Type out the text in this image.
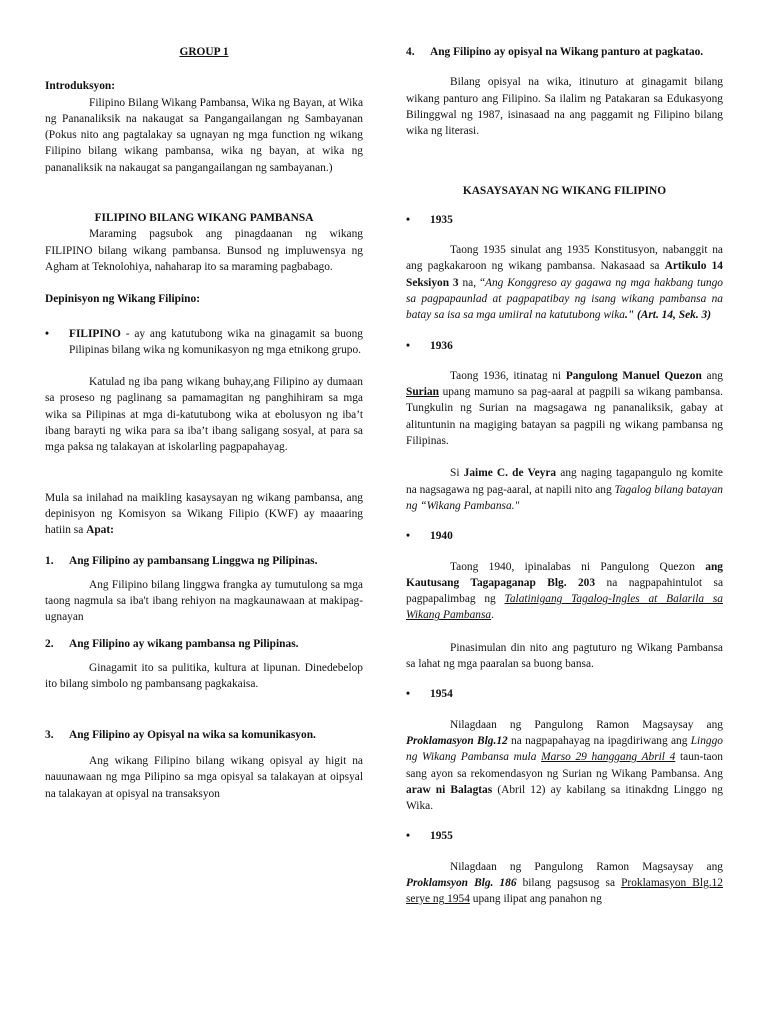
GROUP 1

Introduksyon:

Filipino Bilang Wikang Pambansa, Wika ng Bayan, at Wika ng Pananaliksik na nakaugat sa Pangangailangan ng Sambayanan (Pokus nito ang pagtalakay sa ugnayan ng mga function ng wikang Filipino bilang wikang pambansa, wika ng bayan, at wika ng pananaliksik na nakaugat sa pangangailangan ng sambayanan.)

FILIPINO BILANG WIKANG PAMBANSA

Maraming pagsubok ang pinagdaanan ng wikang FILIPINO bilang wikang pambansa. Bunsod ng impluwensya ng Agham at Teknolohiya, nahaharap ito sa maraming pagbabago.

Depinisyon ng Wikang Filipino:

• FILIPINO - ay ang katutubong wika na ginagamit sa buong Pilipinas bilang wika ng komunikasyon ng mga etnikong grupo.

Katulad ng iba pang wikang buhay,ang Filipino ay dumaan sa proseso ng paglinang sa pamamagitan ng panghihiram sa mga wika sa Pilipinas at mga di-katutubong wika at ebolusyon ng iba’t ibang barayti ng wika para sa iba’t ibang saligang sosyal, at para sa mga paksa ng talakayan at iskolarling pagpapahayag.

Mula sa inilahad na maikling kasaysayan ng wikang pambansa, ang depinisyon ng Komisyon sa Wikang Filipio (KWF) ay maaaring hatiin sa Apat:

1. Ang Filipino ay pambansang Linggwa ng Pilipinas.

Ang Filipino bilang linggwa frangka ay tumutulong sa mga taong nagmula sa iba't ibang rehiyon na magkaunawaan at makipag-ugnayan

2. Ang Filipino ay wikang pambansa ng Pilipinas.

Ginagamit ito sa pulitika, kultura at lipunan. Dinedebelop ito bilang simbolo ng pambansang pagkakaisa.

3. Ang Filipino ay Opisyal na wika sa komunikasyon.

Ang wikang Filipino bilang wikang opisyal ay higit na nauunawaan ng mga Pilipino sa mga opisyal sa talakayan at oipsyal na talakayan at opisyal na transaksyon

4. Ang Filipino ay opisyal na Wikang panturo at pagkatao.

Bilang opisyal na wika, itinuturo at ginagamit bilang wikang panturo ang Filipino. Sa ilalim ng Patakaran sa Edukasyong Bilinggwal ng 1987, isinasaad na ang paggamit ng Filipino bilang wika ng literasi.

KASAYSAYAN NG WIKANG FILIPINO

• 1935

Taong 1935 sinulat ang 1935 Konstitusyon, nabanggit na ang pagkakaroon ng wikang pambansa. Nakasaad sa Artikulo 14 Seksiyon 3 na, “Ang Konggreso ay gagawa ng mga hakbang tungo sa pagpapaunlad at pagpapatibay ng isang wikang pambansa na batay sa isa sa mga umiiral na katutubong wika." (Art. 14, Sek. 3)

• 1936

Taong 1936, itinatag ni Pangulong Manuel Quezon ang Surian upang mamuno sa pag-aaral at pagpili sa wikang pambansa. Tungkulin ng Surian na magsagawa ng pananaliksik, gabay at alituntunin na magiging batayan sa pagpili ng wikang pambansa ng Filipinas.

Si Jaime C. de Veyra ang naging tagapangulo ng komite na nagsagawa ng pag-aaral, at napili nito ang Tagalog bilang batayan ng “Wikang Pambansa."

• 1940

Taong 1940, ipinalabas ni Pangulong Quezon ang Kautusang Tagapaganap Blg. 203 na nagpapahintulot sa pagpapalimbag ng Talatinigang Tagalog-Ingles at Balarila sa Wikang Pambansa.

Pinasimulan din nito ang pagtuturo ng Wikang Pambansa sa lahat ng mga paaralan sa buong bansa.

• 1954

Nilagdaan ng Pangulong Ramon Magsaysay ang Proklamasyon Blg.12 na nagpapahayag na ipagdiriwang ang Linggo ng Wikang Pambansa mula Marso 29 hanggang Abril 4 taun-taon sang ayon sa rekomendasyon ng Surian ng Wikang Pambansa. Ang araw ni Balagtas (Abril 12) ay kabilang sa itinakdng Linggo ng Wika.

• 1955

Nilagdaan ng Pangulong Ramon Magsaysay ang Proklamsyon Blg. 186 bilang pagsusog sa Proklamasyon Blg.12 serye ng 1954 upang ilipat ang panahon ng
